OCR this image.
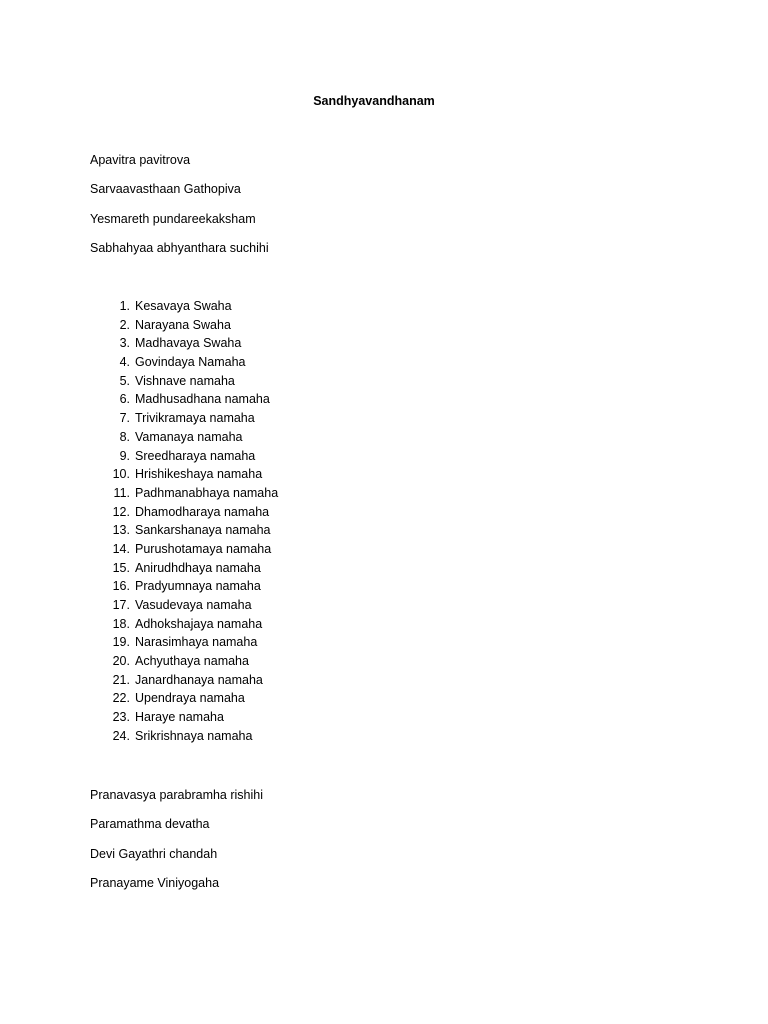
Sandhyavandhanam

Apavitra pavitrova

Sarvaavasthaan Gathopiva

Yesmareth pundareekaksham

Sabhahyaa abhyanthara suchihi

1. Kesavaya Swaha
2. Narayana Swaha
3. Madhavaya Swaha
4. Govindaya Namaha
5. Vishnave namaha
6. Madhusadhana namaha
7. Trivikramaya namaha
8. Vamanaya namaha
9. Sreedharaya namaha
10. Hrishikeshaya namaha
11. Padhmanabhaya namaha
12. Dhamodharaya namaha
13. Sankarshanaya namaha
14. Purushotamaya namaha
15. Anirudhdhaya namaha
16. Pradyumnaya namaha
17. Vasudevaya namaha
18. Adhokshajaya namaha
19. Narasimhaya namaha
20. Achyuthaya namaha
21. Janardhanaya namaha
22. Upendraya namaha
23. Haraye namaha
24. Srikrishnaya namaha

Pranavasya parabramha rishihi

Paramathma devatha

Devi Gayathri chandah

Pranayame Viniyogaha
